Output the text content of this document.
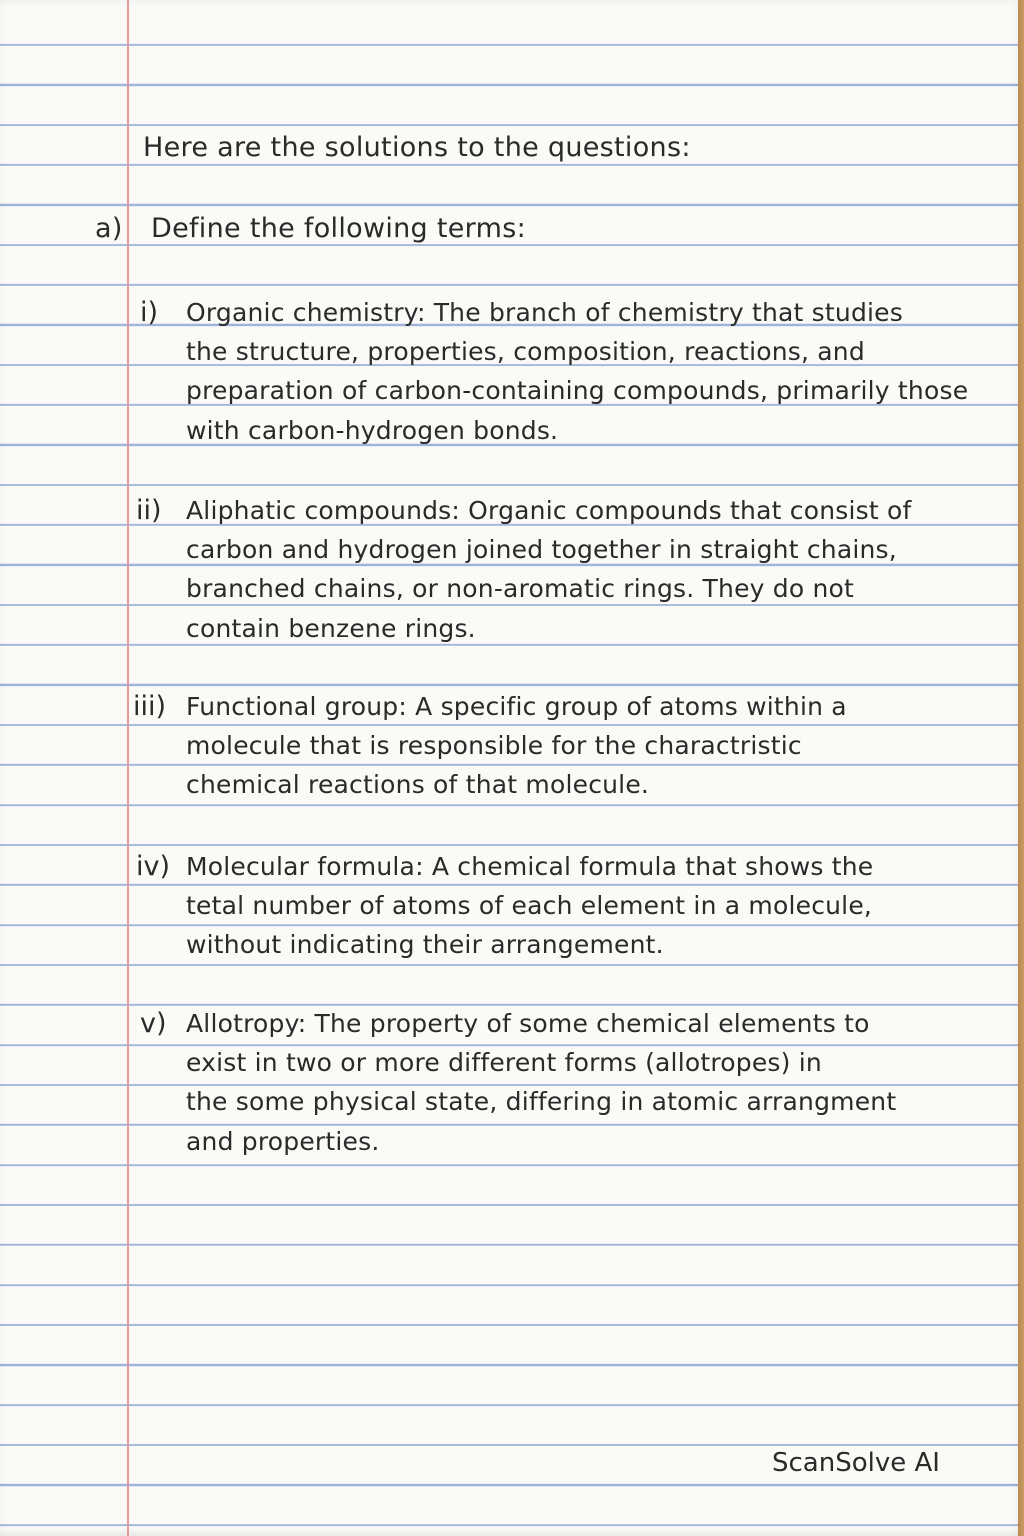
Here are the solutions to the questions:
a) Define the following terms:
i) Organic chemistry: The branch of chemistry that studies
the structure, properties, composition, reactions, and
preparation of carbon-containing compounds, primarily those
with carbon-hydrogen bonds.
ii) Aliphatic compounds: Organic compounds that consist of
carbon and hydrogen joined together in straight chains,
branched chains, or non-aromatic rings. They do not
contain benzene rings.
iii) Functional group: A specific group of atoms within a
molecule that is responsible for the charactristic
chemical reactions of that molecule.
iv) Molecular formula: A chemical formula that shows the
tetal number of atoms of each element in a molecule,
without indicating their arrangement.
v) Allotropy: The property of some chemical elements to
exist in two or more different forms (allotropes) in
the some physical state, differing in atomic arrangment
and properties.
ScanSolve AI
